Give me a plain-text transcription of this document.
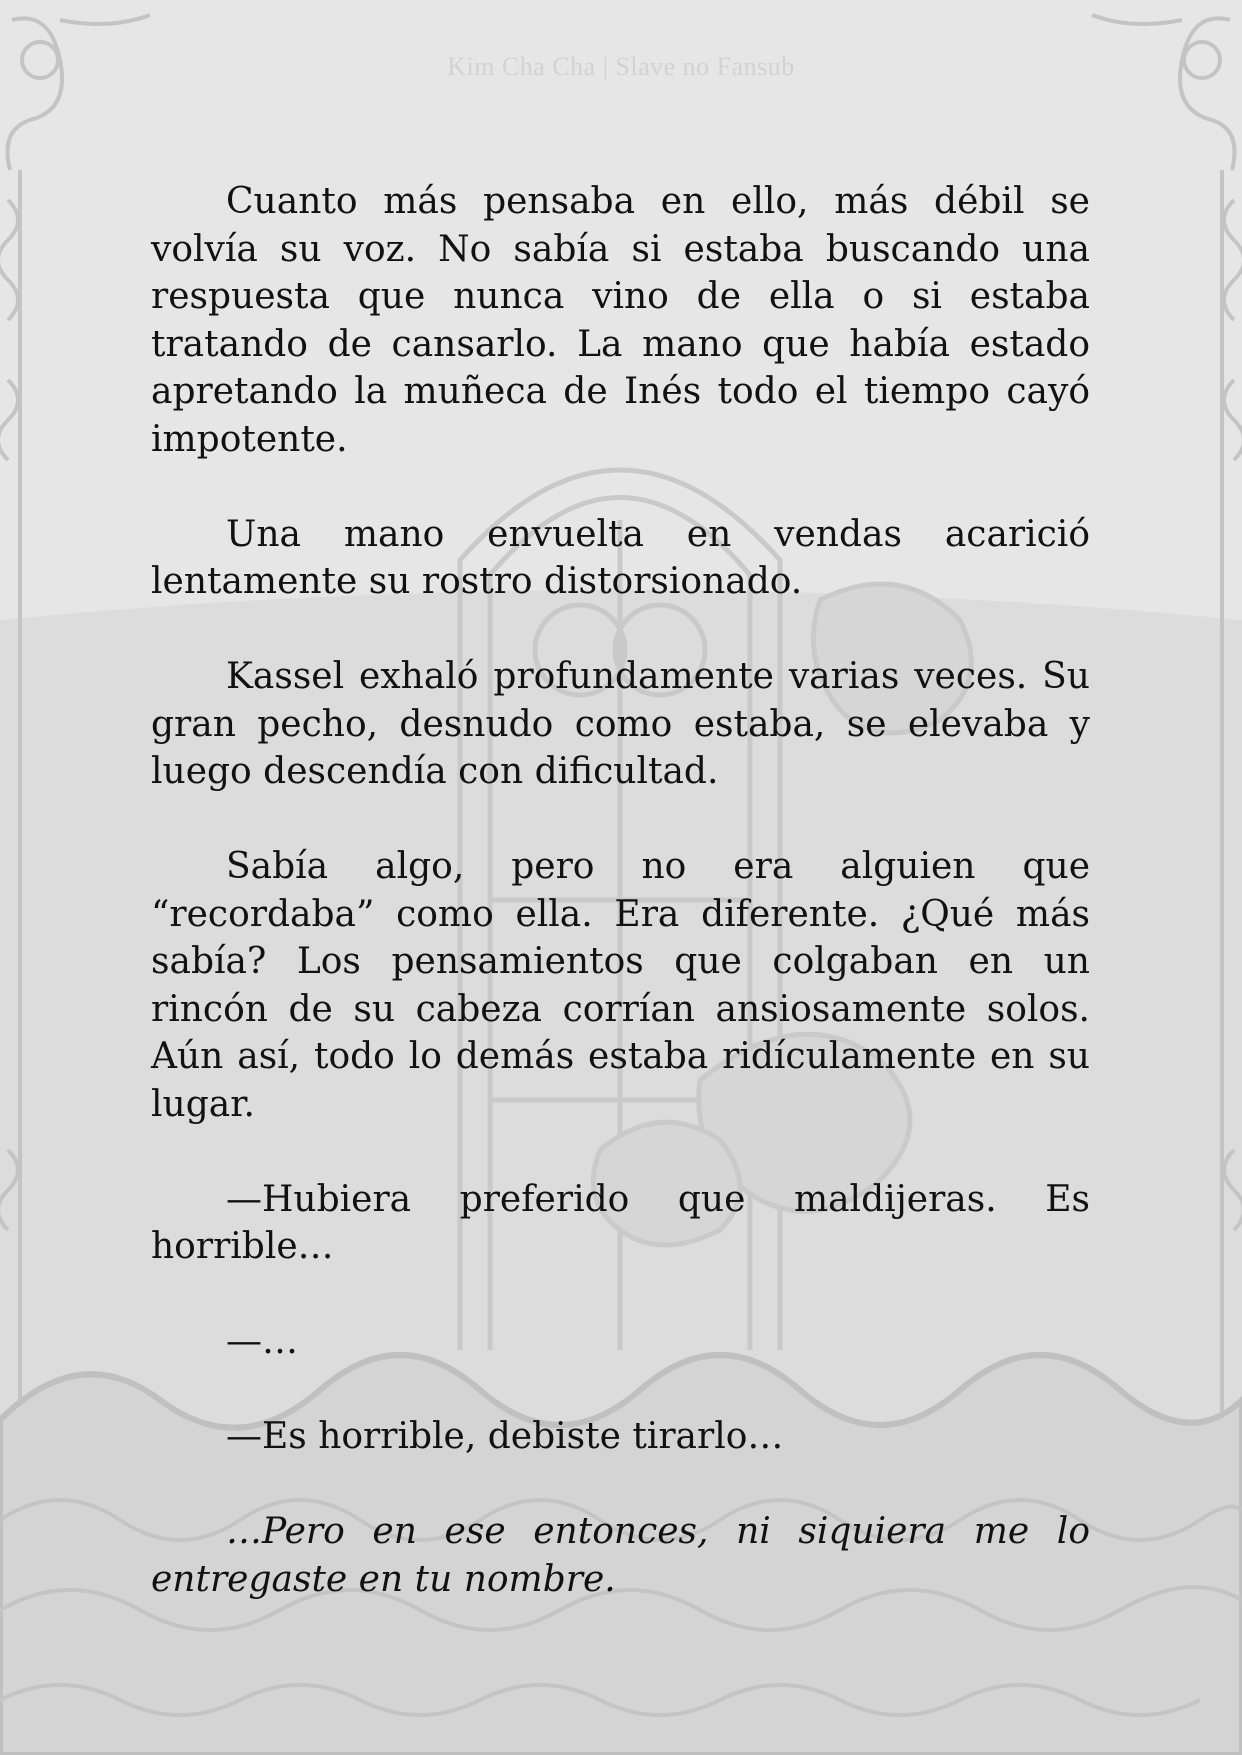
Kim Cha Cha | Slave no Fansub

Cuanto más pensaba en ello, más débil se volvía su voz. No sabía si estaba buscando una respuesta que nunca vino de ella o si estaba tratando de cansarlo. La mano que había estado apretando la muñeca de Inés todo el tiempo cayó impotente.

Una mano envuelta en vendas acarició lentamente su rostro distorsionado.

Kassel exhaló profundamente varias veces. Su gran pecho, desnudo como estaba, se elevaba y luego descendía con dificultad.

Sabía algo, pero no era alguien que “recordaba” como ella. Era diferente. ¿Qué más sabía? Los pensamientos que colgaban en un rincón de su cabeza corrían ansiosamente solos. Aún así, todo lo demás estaba ridículamente en su lugar.

—Hubiera preferido que maldijeras. Es horrible…

—…

—Es horrible, debiste tirarlo…

…Pero en ese entonces, ni siquiera me lo entregaste en tu nombre.
